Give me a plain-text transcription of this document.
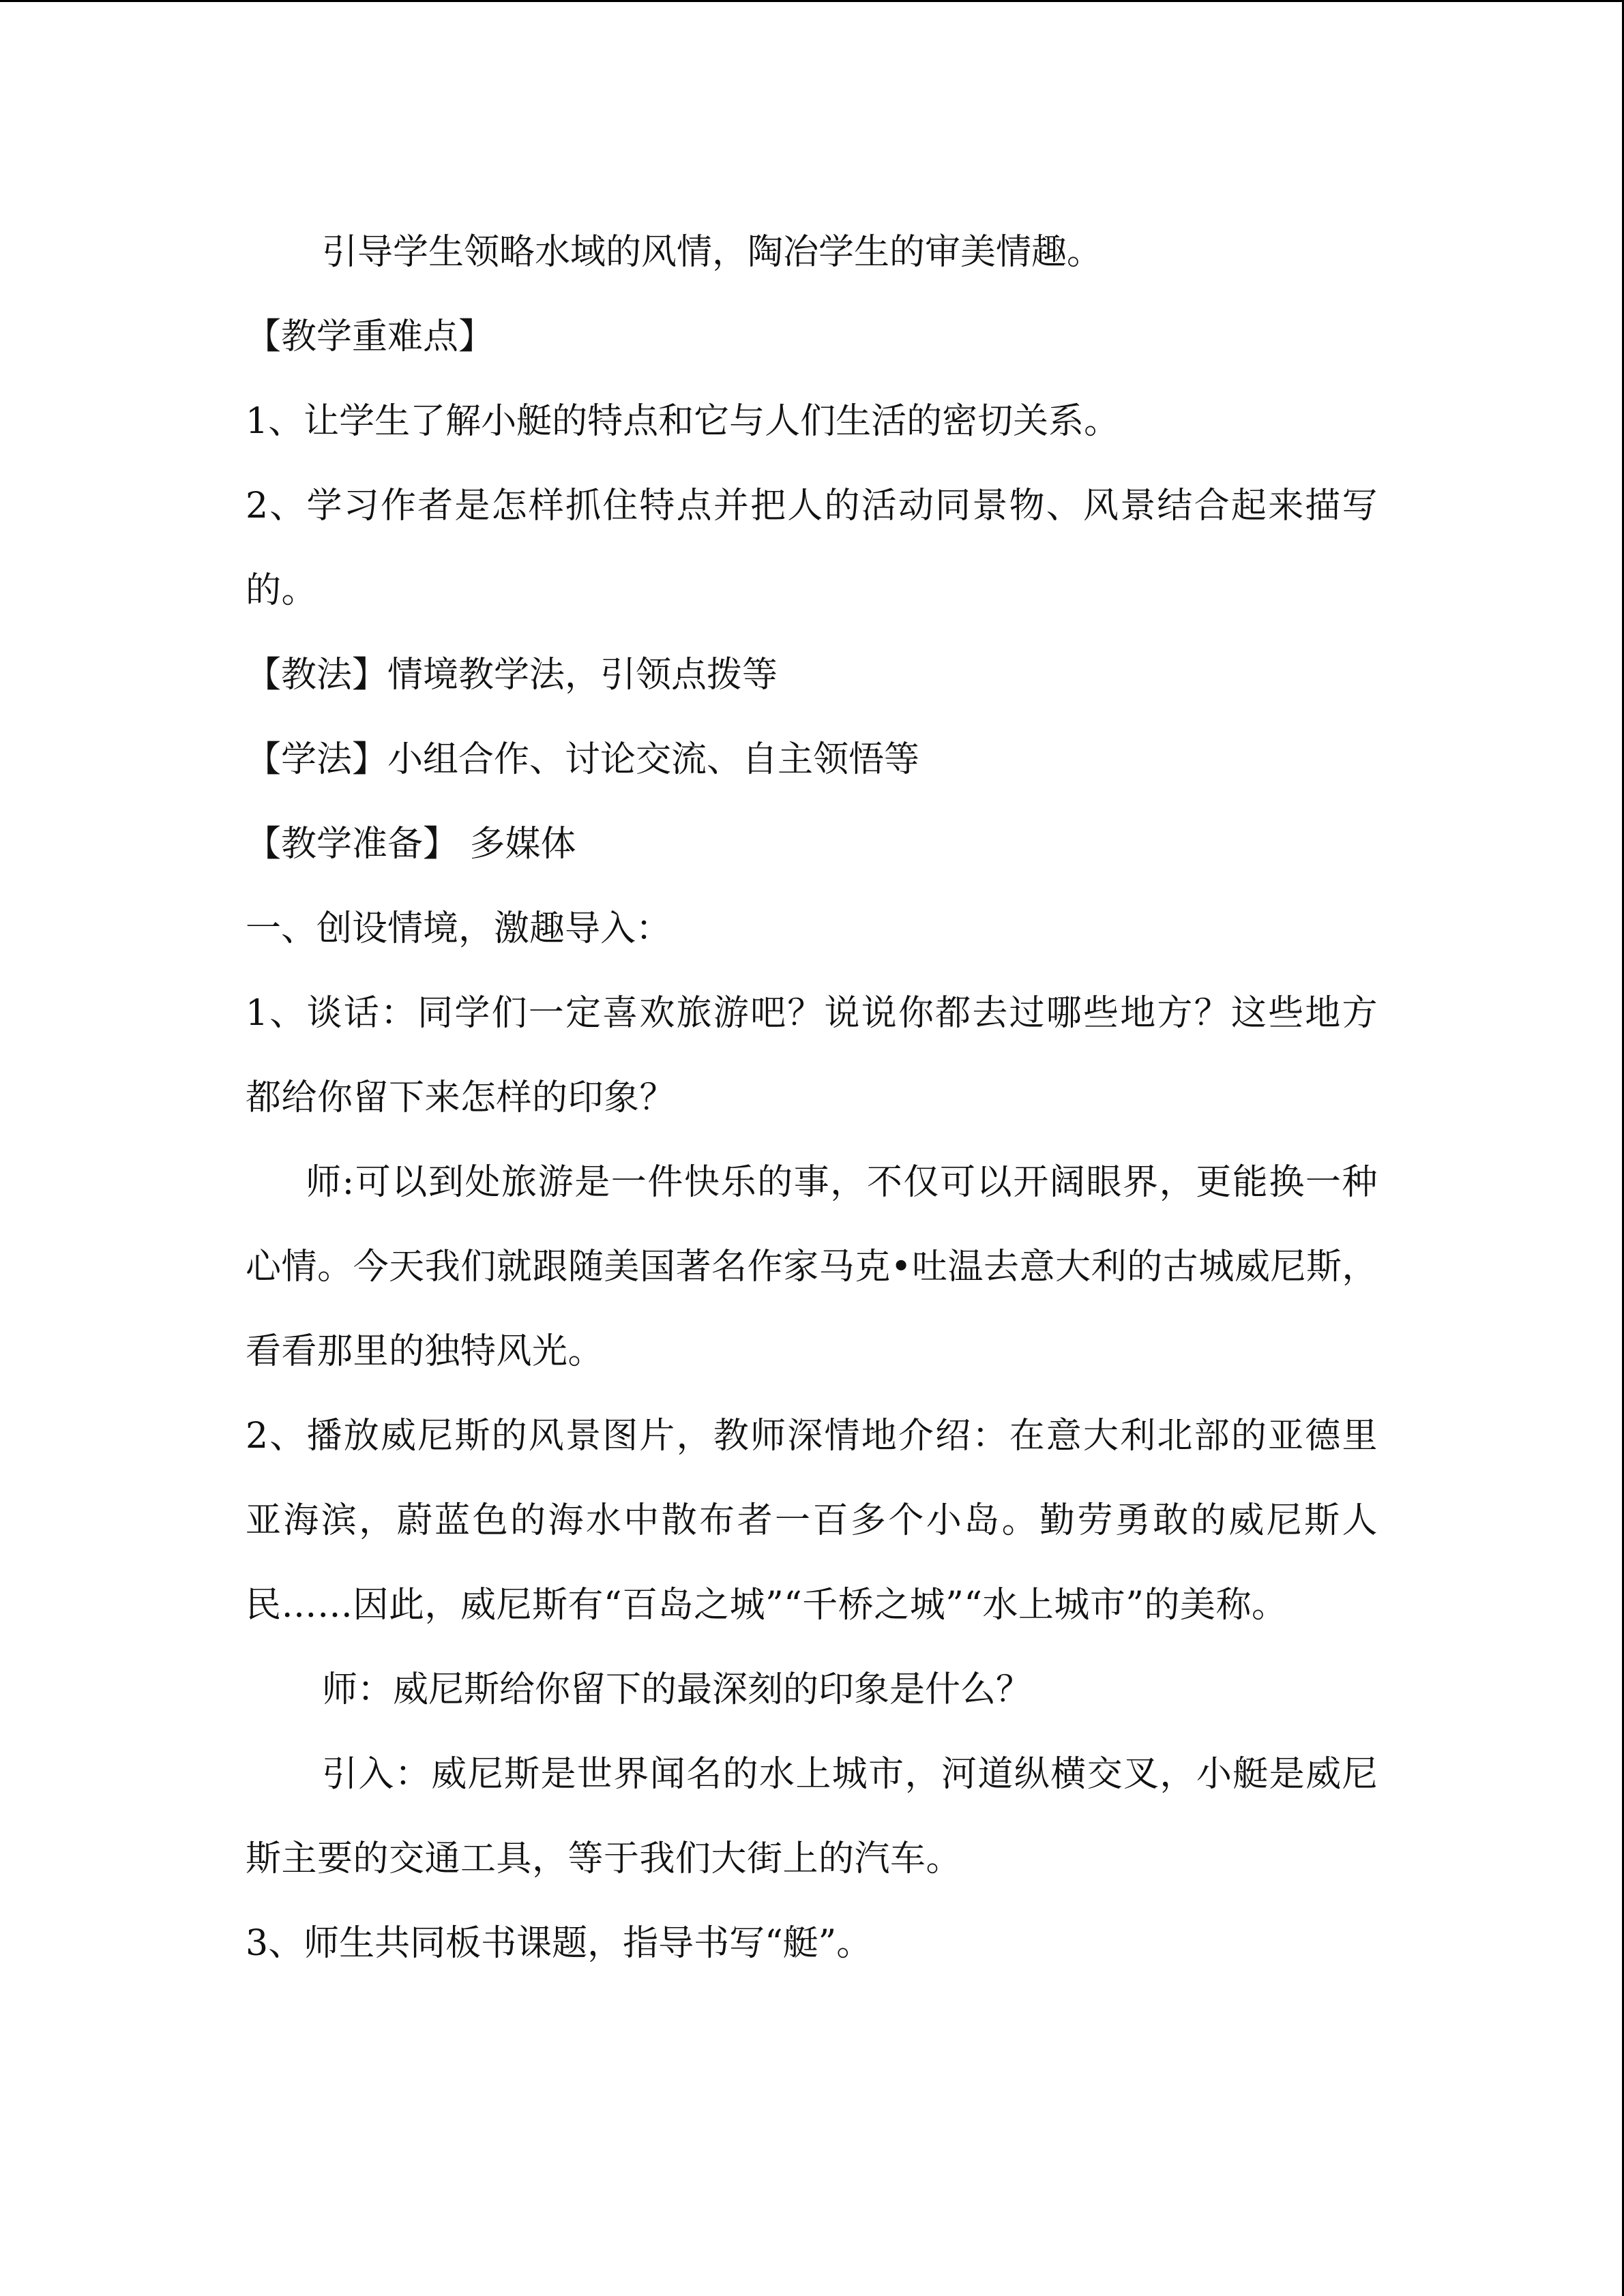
引导学生领略水域的风情，陶冶学生的审美情趣。

【教学重难点】

1、让学生了解小艇的特点和它与人们生活的密切关系。

2、学习作者是怎样抓住特点并把人的活动同景物、风景结合起来描写的。

【教法】情境教学法，引领点拨等

【学法】小组合作、讨论交流、自主领悟等

【教学准备】 多媒体

一、创设情境，激趣导入：

1、谈话：同学们一定喜欢旅游吧？说说你都去过哪些地方？这些地方都给你留下来怎样的印象？

师:可以到处旅游是一件快乐的事，不仅可以开阔眼界，更能换一种心情。今天我们就跟随美国著名作家马克•吐温去意大利的古城威尼斯，看看那里的独特风光。

2、播放威尼斯的风景图片，教师深情地介绍：在意大利北部的亚德里亚海滨，蔚蓝色的海水中散布者一百多个小岛。勤劳勇敢的威尼斯人民……因此，威尼斯有“百岛之城”“千桥之城”“水上城市”的美称。

师：威尼斯给你留下的最深刻的印象是什么？

引入：威尼斯是世界闻名的水上城市，河道纵横交叉，小艇是威尼斯主要的交通工具，等于我们大街上的汽车。

3、师生共同板书课题，指导书写“艇”。
